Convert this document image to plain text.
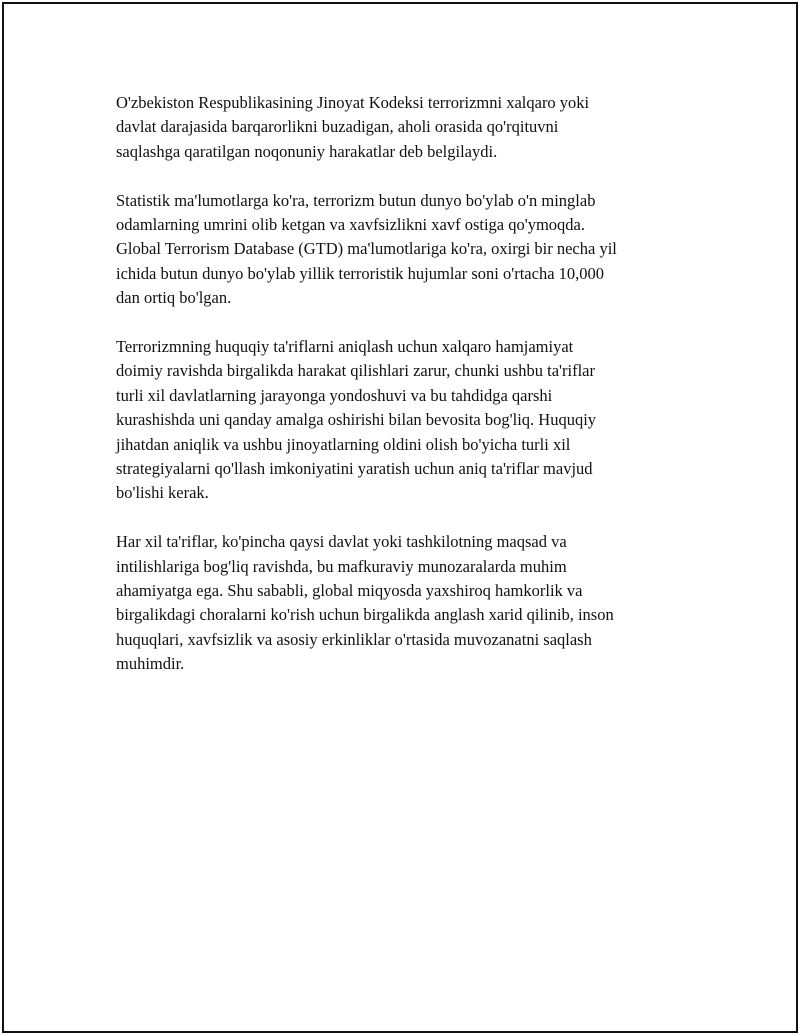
O'zbekiston Respublikasining Jinoyat Kodeksi terrorizmni xalqaro yoki
davlat darajasida barqarorlikni buzadigan, aholi orasida qo'rqituvni
saqlashga qaratilgan noqonuniy harakatlar deb belgilaydi.

Statistik ma'lumotlarga ko'ra, terrorizm butun dunyo bo'ylab o'n minglab
odamlarning umrini olib ketgan va xavfsizlikni xavf ostiga qo'ymoqda.
Global Terrorism Database (GTD) ma'lumotlariga ko'ra, oxirgi bir necha yil
ichida butun dunyo bo'ylab yillik terroristik hujumlar soni o'rtacha 10,000
dan ortiq bo'lgan.

Terrorizmning huquqiy ta'riflarni aniqlash uchun xalqaro hamjamiyat
doimiy ravishda birgalikda harakat qilishlari zarur, chunki ushbu ta'riflar
turli xil davlatlarning jarayonga yondoshuvi va bu tahdidga qarshi
kurashishda uni qanday amalga oshirishi bilan bevosita bog'liq. Huquqiy
jihatdan aniqlik va ushbu jinoyatlarning oldini olish bo'yicha turli xil
strategiyalarni qo'llash imkoniyatini yaratish uchun aniq ta'riflar mavjud
bo'lishi kerak.

Har xil ta'riflar, ko'pincha qaysi davlat yoki tashkilotning maqsad va
intilishlariga bog'liq ravishda, bu mafkuraviy munozaralarda muhim
ahamiyatga ega. Shu sababli, global miqyosda yaxshiroq hamkorlik va
birgalikdagi choralarni ko'rish uchun birgalikda anglash xarid qilinib, inson
huquqlari, xavfsizlik va asosiy erkinliklar o'rtasida muvozanatni saqlash
muhimdir.
